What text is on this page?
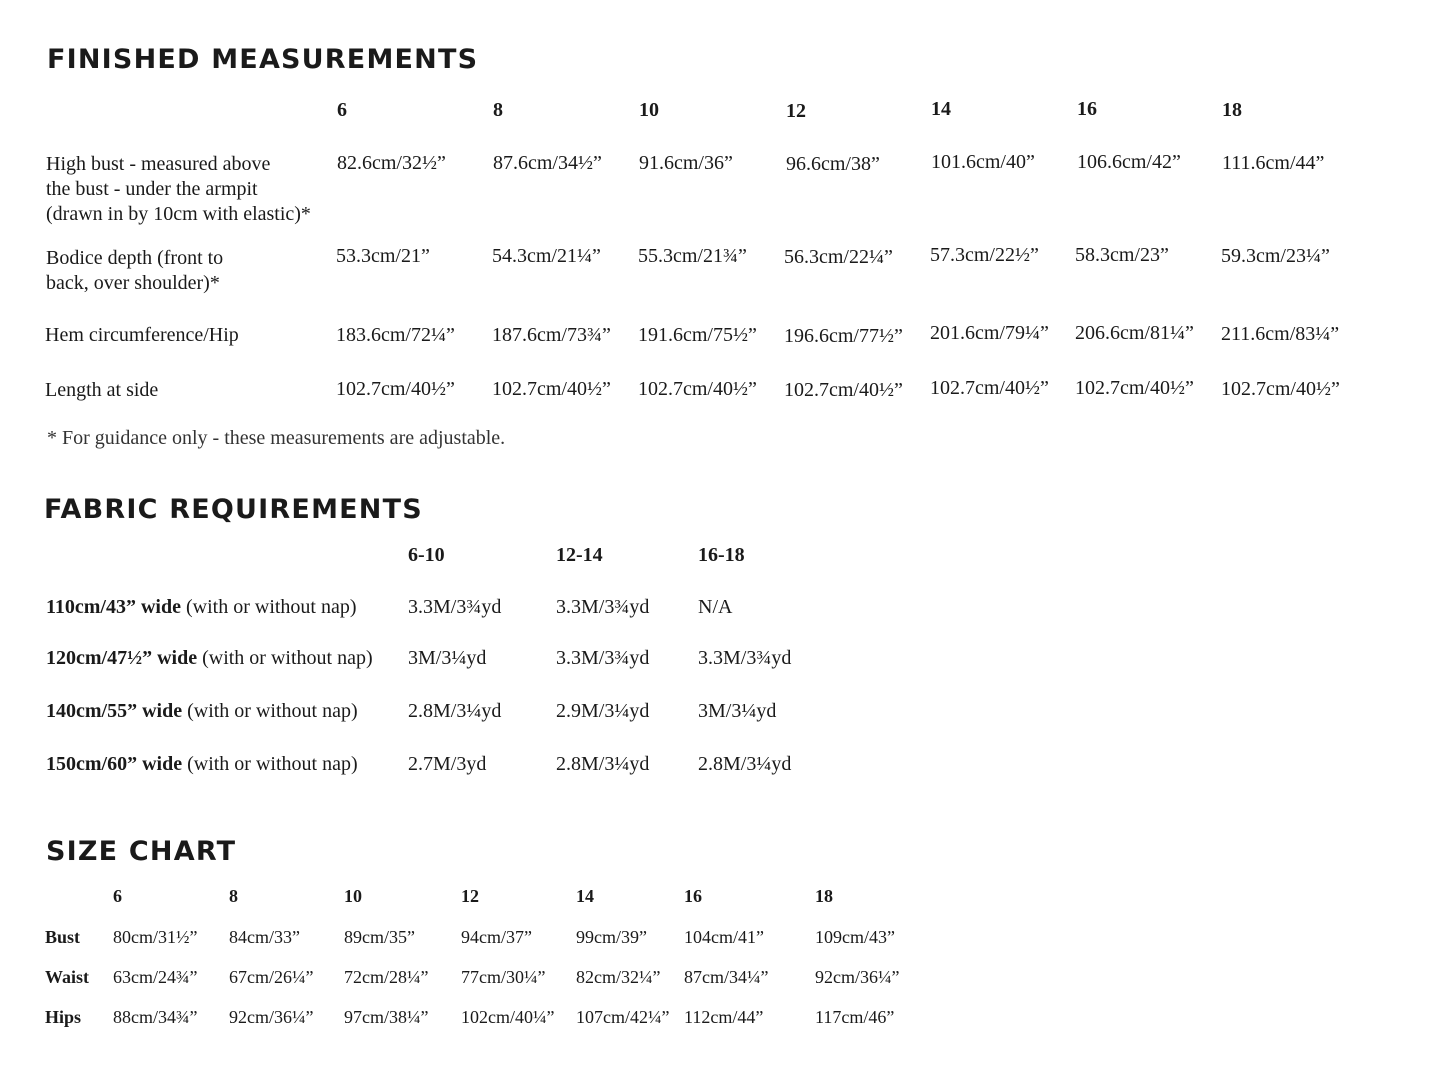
FINISHED MEASUREMENTS
6	8	10	12	14	16	18
High bust - measured above
the bust - under the armpit
(drawn in by 10cm with elastic)*
82.6cm/32½” 87.6cm/34½” 91.6cm/36”	96.6cm/38”	101.6cm/40” 106.6cm/42” 111.6cm/44”
Bodice depth (front to
back, over shoulder)*
53.3cm/21”	54.3cm/21¼” 55.3cm/21¾” 56.3cm/22¼” 57.3cm/22½” 58.3cm/23”	59.3cm/23¼”
Hem circumference/Hip	183.6cm/72¼” 187.6cm/73¾” 191.6cm/75½” 196.6cm/77½” 201.6cm/79¼” 206.6cm/81¼” 211.6cm/83¼”
Length at side	102.7cm/40½” 102.7cm/40½” 102.7cm/40½” 102.7cm/40½” 102.7cm/40½” 102.7cm/40½” 102.7cm/40½”
* For guidance only - these measurements are adjustable.
FABRIC REQUIREMENTS
6-10	12-14	16-18
110cm/43” wide (with or without nap)	3.3M/3¾yd	3.3M/3¾yd N/A
120cm/47½” wide (with or without nap) 3M/3¼yd	3.3M/3¾yd 3.3M/3¾yd
140cm/55” wide (with or without nap)	2.8M/3¼yd	2.9M/3¼yd 3M/3¼yd
150cm/60” wide (with or without nap)	2.7M/3yd	2.8M/3¼yd 2.8M/3¼yd
SIZE CHART
6	8	10	12	14	16	18
Bust 80cm/31½” 84cm/33” 89cm/35”	94cm/37” 99cm/39” 104cm/41”	109cm/43”
Waist 63cm/24¾” 67cm/26¼” 72cm/28¼” 77cm/30¼” 82cm/32¼” 87cm/34¼”	92cm/36¼”
Hips 88cm/34¾” 92cm/36¼” 97cm/38¼” 102cm/40¼” 107cm/42¼” 112cm/44”	117cm/46”
